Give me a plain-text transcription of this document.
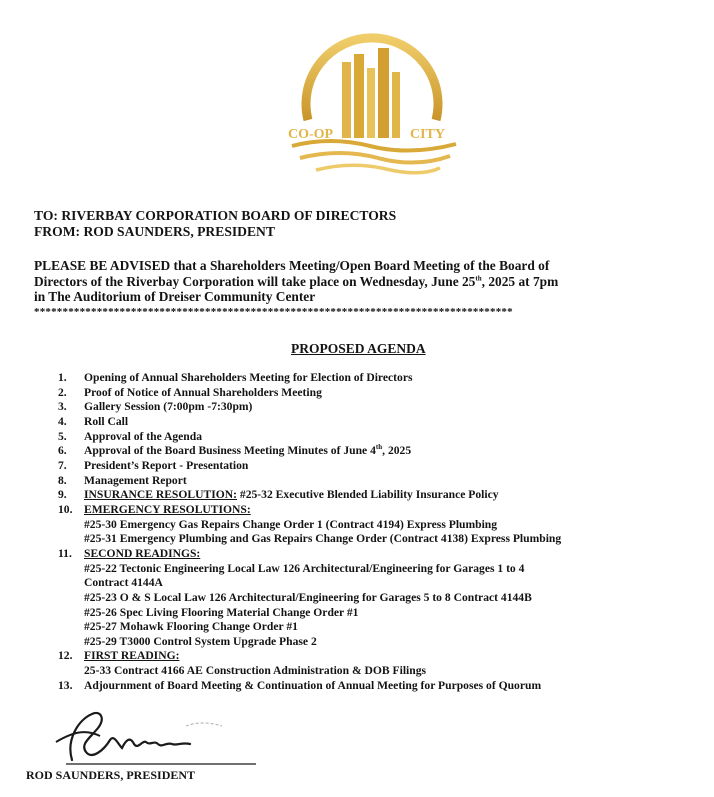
CO-OP	CITY
TO: RIVERBAY CORPORATION BOARD OF DIRECTORS
FROM: ROD SAUNDERS, PRESIDENT
PLEASE BE ADVISED that a Shareholders Meeting/Open Board Meeting of the Board of
Directors of the Riverbay Corporation will take place on Wednesday, June 25th, 2025 at 7pm
in The Auditorium of Dreiser Community Center
************************************************************************************
PROPOSED AGENDA
1.	Opening of Annual Shareholders Meeting for Election of Directors
2.	Proof of Notice of Annual Shareholders Meeting
3.	Gallery Session (7:00pm -7:30pm)
4.	Roll Call
5.	Approval of the Agenda
6.	Approval of the Board Business Meeting Minutes of June 4th, 2025
7.	President’s Report - Presentation
8.	Management Report
9.	INSURANCE RESOLUTION: #25-32 Executive Blended Liability Insurance Policy
10. EMERGENCY RESOLUTIONS:
#25-30 Emergency Gas Repairs Change Order 1 (Contract 4194) Express Plumbing
#25-31 Emergency Plumbing and Gas Repairs Change Order (Contract 4138) Express Plumbing
11.	SECOND READINGS:
#25-22 Tectonic Engineering Local Law 126 Architectural/Engineering for Garages 1 to 4
Contract 4144A
#25-23 O & S Local Law 126 Architectural/Engineering for Garages 5 to 8 Contract 4144B
#25-26 Spec Living Flooring Material Change Order #1
#25-27 Mohawk Flooring Change Order #1
#25-29 T3000 Control System Upgrade Phase 2
12. FIRST READING:
25-33 Contract 4166 AE Construction Administration & DOB Filings
13. Adjournment of Board Meeting & Continuation of Annual Meeting for Purposes of Quorum
ROD SAUNDERS, PRESIDENT
